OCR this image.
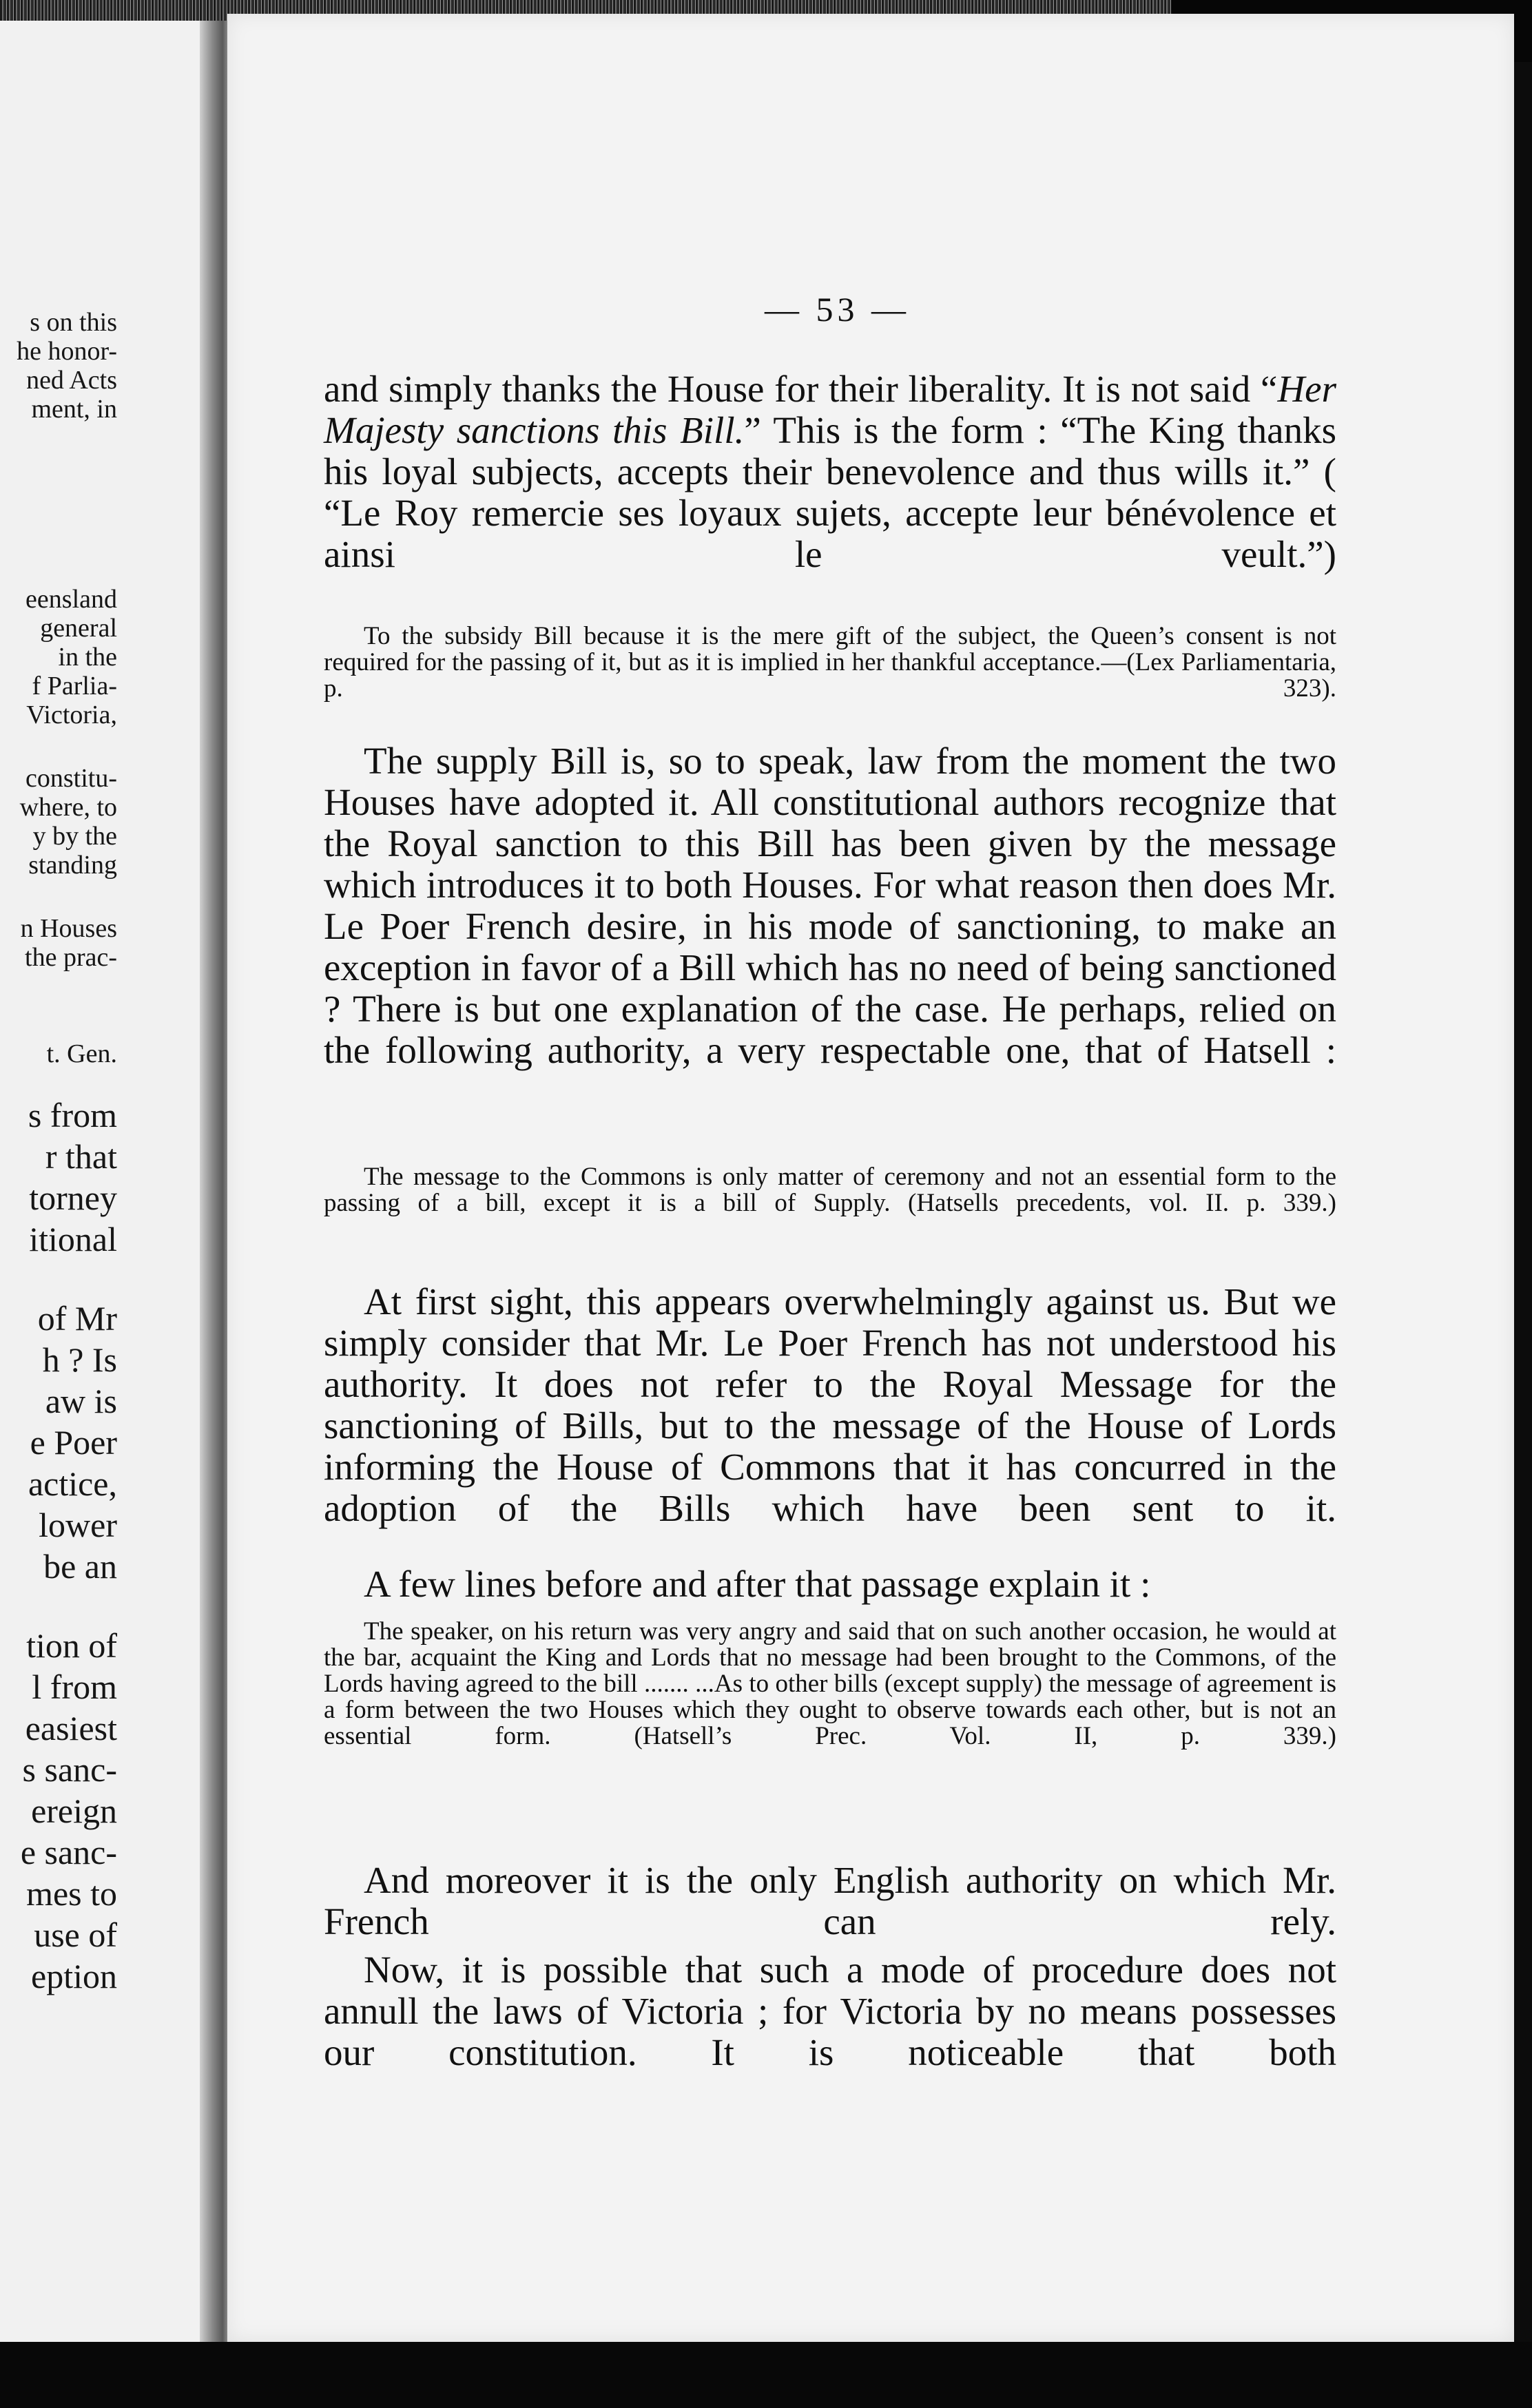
s on this

he honor-

ned Acts

ment, in

eensland

general

in the

f Parlia-

Victoria,

constitu-

where, to

y by the

standing

n Houses

the prac-

t. Gen.

s from

r that

torney

itional

of Mr

h ? Is

aw is

e Poer

actice,

lower

be an

tion of

l from

easiest

s sanc-

ereign

e sanc-

mes to

use of

eption

— 53 —

and simply thanks the House for their liberality. It is not said “Her Majesty sanctions this Bill.” This is the form : “The King thanks his loyal subjects, accepts their benevolence and thus wills it.” ( “Le Roy remercie ses loyaux sujets, accepte leur bénévolence et ainsi le veult.”)

To the subsidy Bill because it is the mere gift of the subject, the Queen’s consent is not required for the passing of it, but as it is implied in her thankful acceptance.—(Lex Parliamentaria, p. 323).

The supply Bill is, so to speak, law from the moment the two Houses have adopted it. All constitutional authors recognize that the Royal sanction to this Bill has been given by the message which introduces it to both Houses. For what reason then does Mr. Le Poer French desire, in his mode of sanctioning, to make an exception in favor of a Bill which has no need of being sanctioned ? There is but one explanation of the case. He perhaps, relied on the following authority, a very respectable one, that of Hatsell :

The message to the Commons is only matter of ceremony and not an essential form to the passing of a bill, except it is a bill of Supply. (Hatsells precedents, vol. II. p. 339.)

At first sight, this appears overwhelmingly against us. But we simply consider that Mr. Le Poer French has not understood his authority. It does not refer to the Royal Message for the sanctioning of Bills, but to the message of the House of Lords informing the House of Commons that it has concurred in the adoption of the Bills which have been sent to it.

A few lines before and after that passage explain it :

The speaker, on his return was very angry and said that on such another occasion, he would at the bar, acquaint the King and Lords that no message had been brought to the Commons, of the Lords having agreed to the bill ....... ...As to other bills (except supply) the message of agreement is a form between the two Houses which they ought to observe towards each other, but is not an essential form. (Hatsell’s Prec. Vol. II, p. 339.)

And moreover it is the only English authority on which Mr. French can rely.

Now, it is possible that such a mode of procedure does not annull the laws of Victoria ; for Victoria by no means possesses our constitution. It is noticeable that both
